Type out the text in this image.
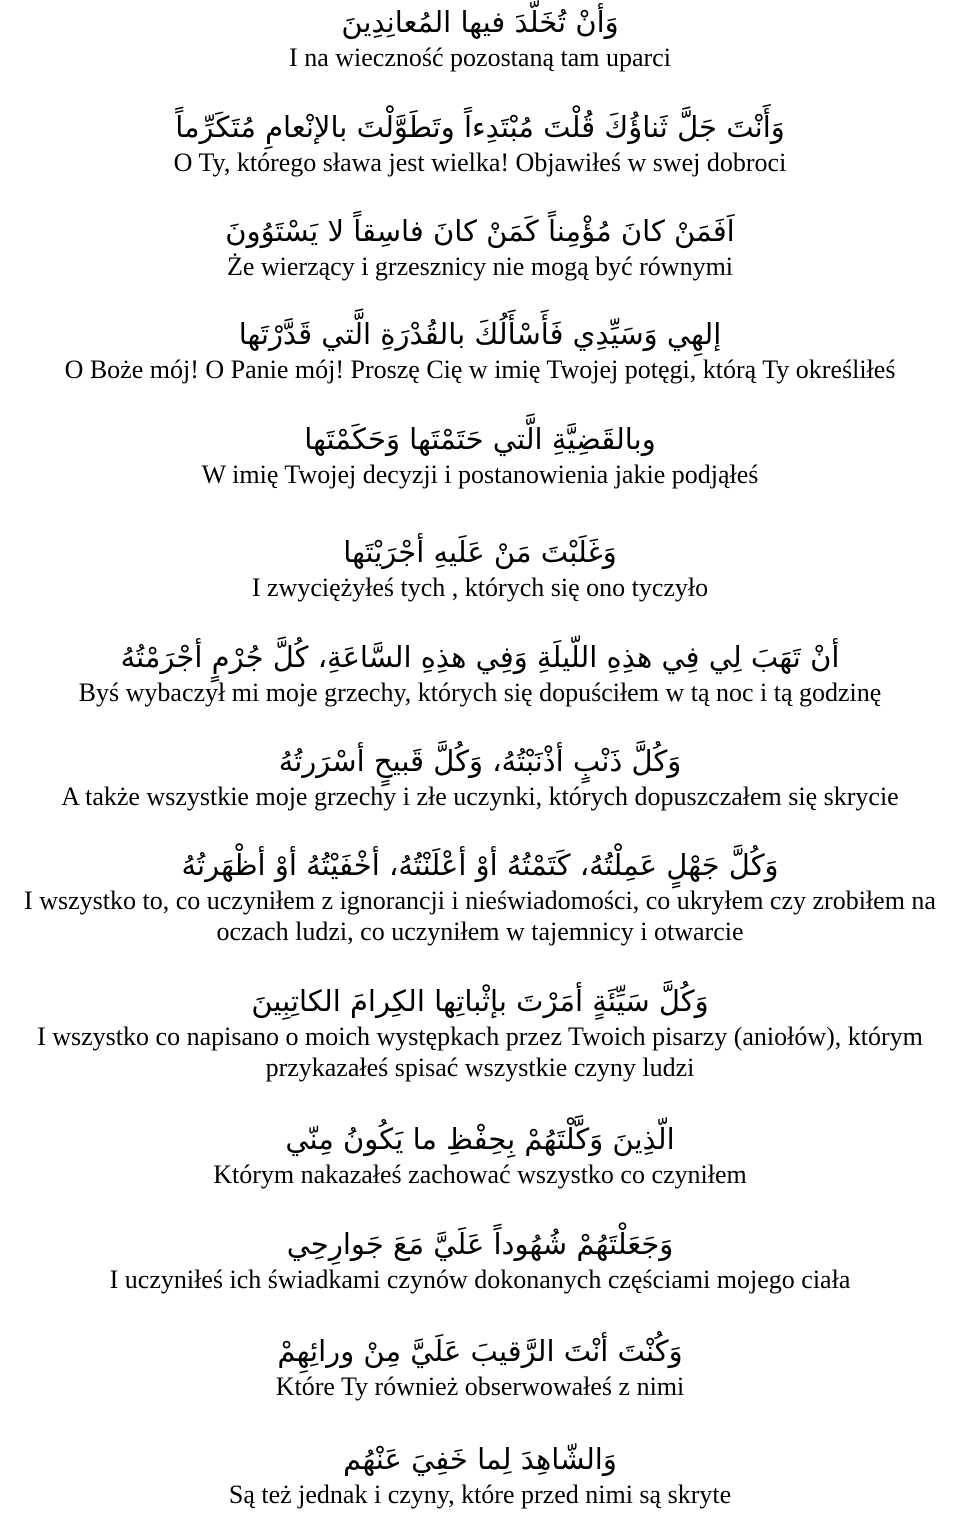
وَأنْ تُخَلَّدَ فيها المُعانِدِينَ
I na wieczność pozostaną tam uparci
وَأَنْتَ جَلَّ ثَناؤُكَ قُلْتَ مُبْتَدِءاً وتَطَوَّلْتَ بالإنْعامِ مُتَكَرِّماً
O Ty, którego sława jest wielka! Objawiłeś w swej dobroci
اَفَمَنْ كانَ مُؤْمِناً كَمَنْ كانَ فاسِقاً لا يَسْتَوُونَ
Że wierzący i grzesznicy nie mogą być równymi
إلهِي وَسَيِّدِي فَأَسْأَلُكَ بالقُدْرَةِ الَّتي قَدَّرْتَها
O Boże mój! O Panie mój! Proszę Cię w imię Twojej potęgi, którą Ty określiłeś
وبالقَضِيَّةِ الَّتي حَتَمْتَها وَحَكَمْتَها
W imię Twojej decyzji i postanowienia jakie podjąłeś
وَغَلَبْتَ مَنْ عَلَيهِ أجْرَيْتَها
I zwyciężyłeś tych , których się ono tyczyło
أنْ تَهَبَ لِي فِي هذِهِ اللّيلَةِ وَفِي هذِهِ السَّاعَةِ، كُلَّ جُرْمٍ أجْرَمْتُهُ
Byś wybaczył mi moje grzechy, których się dopuściłem w tą noc i tą godzinę
وَكُلَّ ذَنْبٍ أذْنَبْتُهُ، وَكُلَّ قَبيحٍ أسْرَرتُهُ
A także wszystkie moje grzechy i złe uczynki, których dopuszczałem się skrycie
وَكُلَّ جَهْلٍ عَمِلْتُهُ، كَتَمْتُهُ أوْ أعْلَنْتُهُ، أخْفَيْتُهُ أوْ أظْهَرتُهُ
I wszystko to, co uczyniłem z ignorancji i nieświadomości, co ukryłem czy zrobiłem na oczach ludzi, co uczyniłem w tajemnicy i otwarcie
وَكُلَّ سَيِّئَةٍ أمَرْتَ بإثْباتِها الكِرامَ الكاتِبِينَ
I wszystko co napisano o moich występkach przez Twoich pisarzy (aniołów), którym przykazałeś spisać wszystkie czyny ludzi
الّذِينَ وَكَّلْتَهُمْ بِحِفْظِ ما يَكُونُ مِنّي
Którym nakazałeś zachować wszystko co czyniłem
وَجَعَلْتَهُمْ شُهُوداً عَلَيَّ مَعَ جَوارِحِي
I uczyniłeś ich świadkami czynów dokonanych częściami mojego ciała
وَكُنْتَ أنْتَ الرَّقيبَ عَلَيَّ مِنْ ورائِهِمْ
Które Ty również obserwowałeś z nimi
وَالشّاهِدَ لِما خَفِيَ عَنْهُم
Są też jednak i czyny, które przed nimi są skryte
